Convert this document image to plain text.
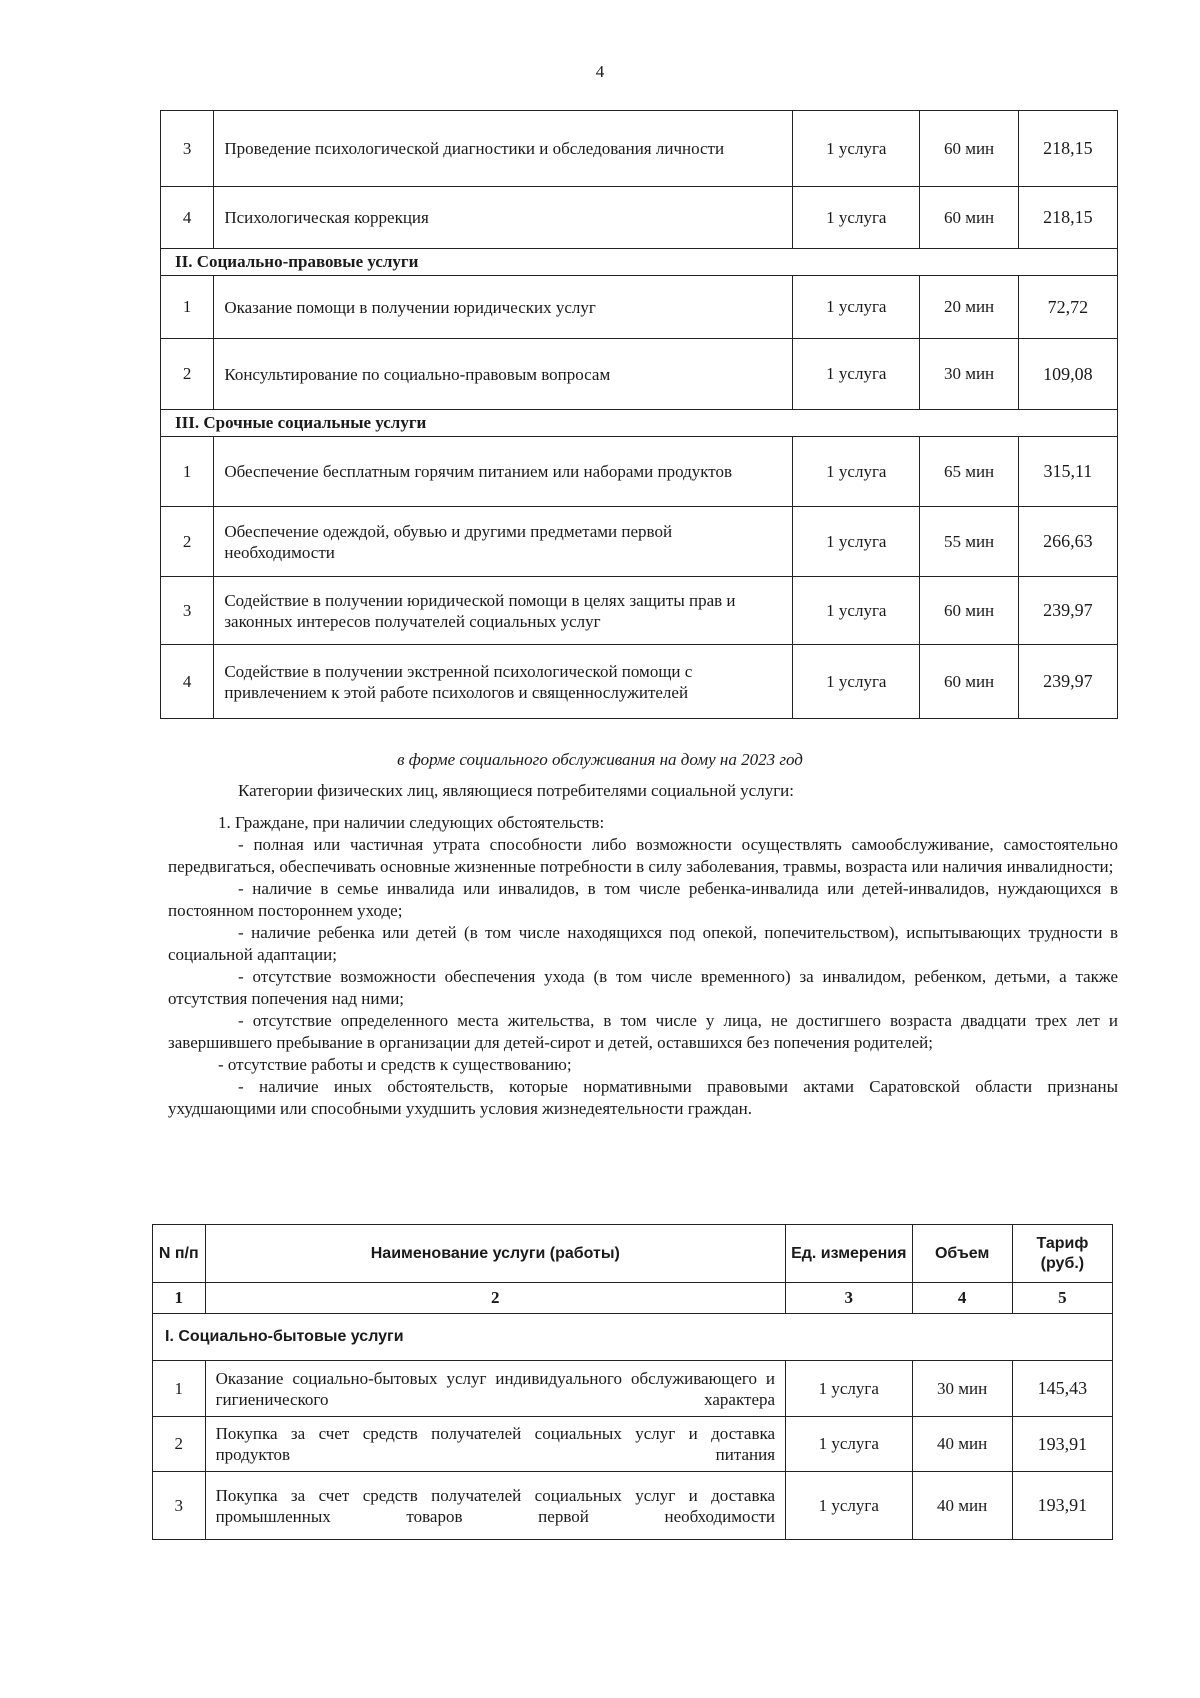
4
3	Проведение психологической диагностики и обследования личности	1 услуга	60 мин	218,15
4	Психологическая коррекция	1 услуга	60 мин	218,15
II. Социально-правовые услуги				
1	Оказание помощи в получении юридических услуг	1 услуга	20 мин	72,72
2	Консультирование по социально-правовым вопросам	1 услуга	30 мин	109,08
III. Срочные социальные услуги				
1	Обеспечение бесплатным горячим питанием или наборами продуктов	1 услуга	65 мин	315,11
2	Обеспечение одеждой, обувью и другими предметами первой необходимости	1 услуга	55 мин	266,63
3	Содействие в получении юридической помощи в целях защиты прав и законных интересов получателей социальных услуг	1 услуга	60 мин	239,97
4	Содействие в получении экстренной психологической помощи с привлечением к этой работе психологов и священнослужителей	1 услуга	60 мин	239,97
в форме социального обслуживания на дому на 2023 год

Категории физических лиц, являющиеся потребителями социальной услуги:

1. Граждане, при наличии следующих обстоятельств:

- полная или частичная утрата способности либо возможности осуществлять самообслуживание, самостоятельно передвигаться, обеспечивать основные жизненные потребности в силу заболевания, травмы, возраста или наличия инвалидности;

- наличие в семье инвалида или инвалидов, в том числе ребенка-инвалида или детей-инвалидов, нуждающихся в постоянном постороннем уходе;

- наличие ребенка или детей (в том числе находящихся под опекой, попечительством), испытывающих трудности в социальной адаптации;

- отсутствие возможности обеспечения ухода (в том числе временного) за инвалидом, ребенком, детьми, а также отсутствия попечения над ними;

- отсутствие определенного места жительства, в том числе у лица, не достигшего возраста двадцати трех лет и завершившего пребывание в организации для детей-сирот и детей, оставшихся без попечения родителей;

- отсутствие работы и средств к существованию;

- наличие иных обстоятельств, которые нормативными правовыми актами Саратовской области признаны ухудшающими или способными ухудшить условия жизнедеятельности граждан.

N п/п	Наименование услуги (работы)	Ед. измерения	Объем	Тариф (руб.)
1	2	3	4	5
I. Социально-бытовые услуги				
1	Оказание социально-бытовых услуг индивидуального обслуживающего и гигиенического характера	1 услуга	30 мин	145,43
2	Покупка за счет средств получателей социальных услуг и доставка продуктов питания	1 услуга	40 мин	193,91
3	Покупка за счет средств получателей социальных услуг и доставка промышленных товаров первой необходимости	1 услуга	40 мин	193,91
